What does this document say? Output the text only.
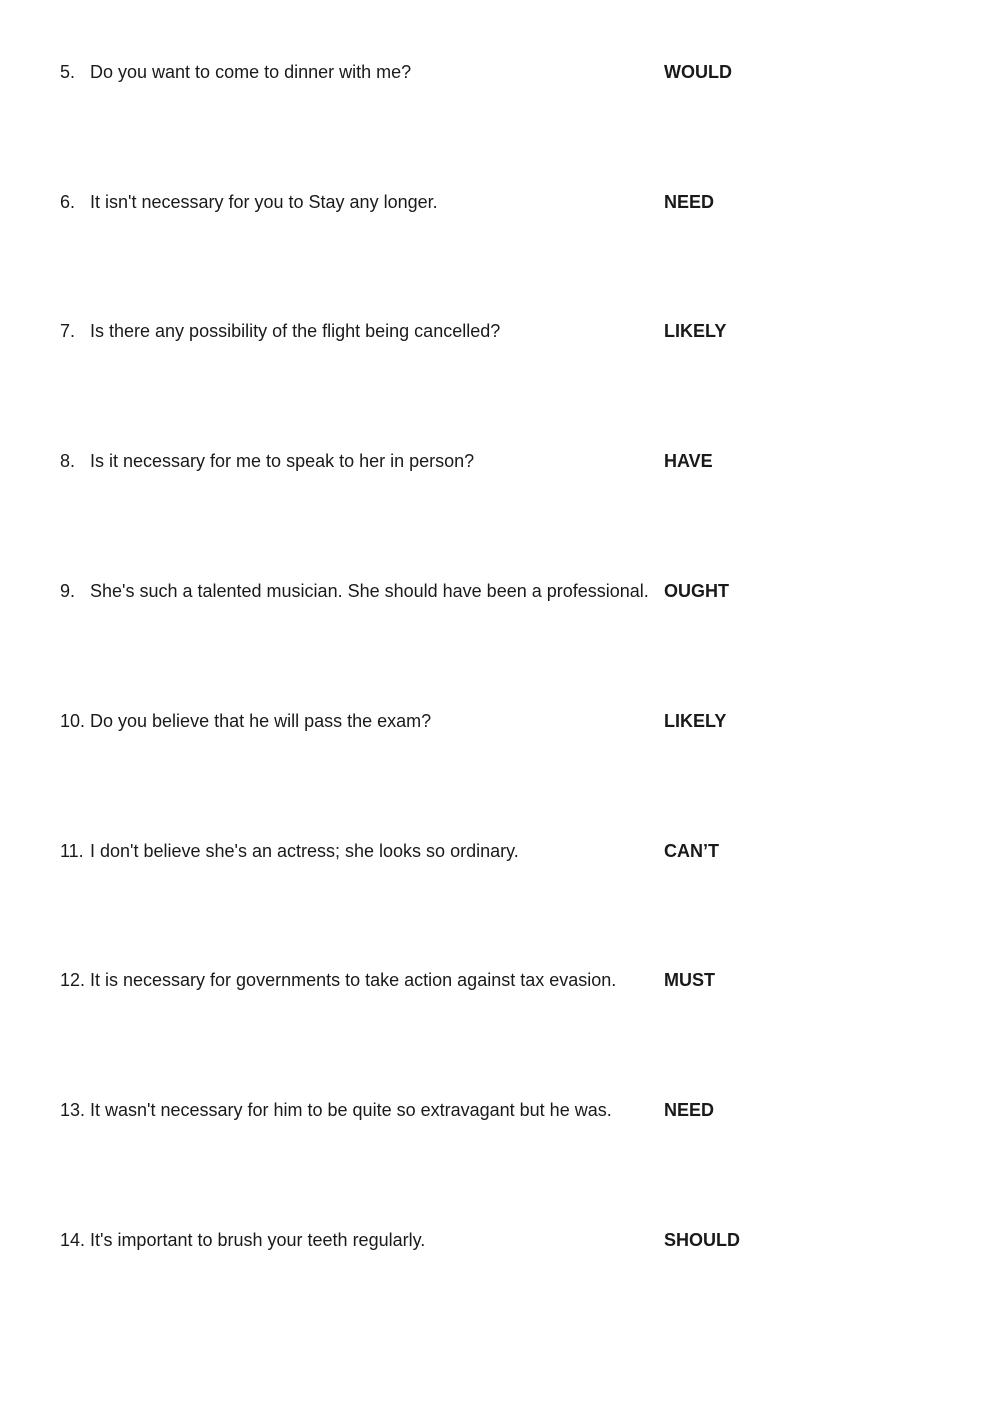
5. Do you want to come to dinner with me?	WOULD
6. It isn't necessary for you to Stay any longer.	NEED
7. Is there any possibility of the flight being cancelled?	LIKELY
8. Is it necessary for me to speak to her in person?	HAVE
9. She's such a talented musician. She should have been a professional. OUGHT
10. Do you believe that he will pass the exam?	LIKELY
11. I don't believe she's an actress; she looks so ordinary.	CAN’T
12. It is necessary for governments to take action against tax evasion.	MUST
13. It wasn't necessary for him to be quite so extravagant but he was.	NEED
14. It's important to brush your teeth regularly.	SHOULD
